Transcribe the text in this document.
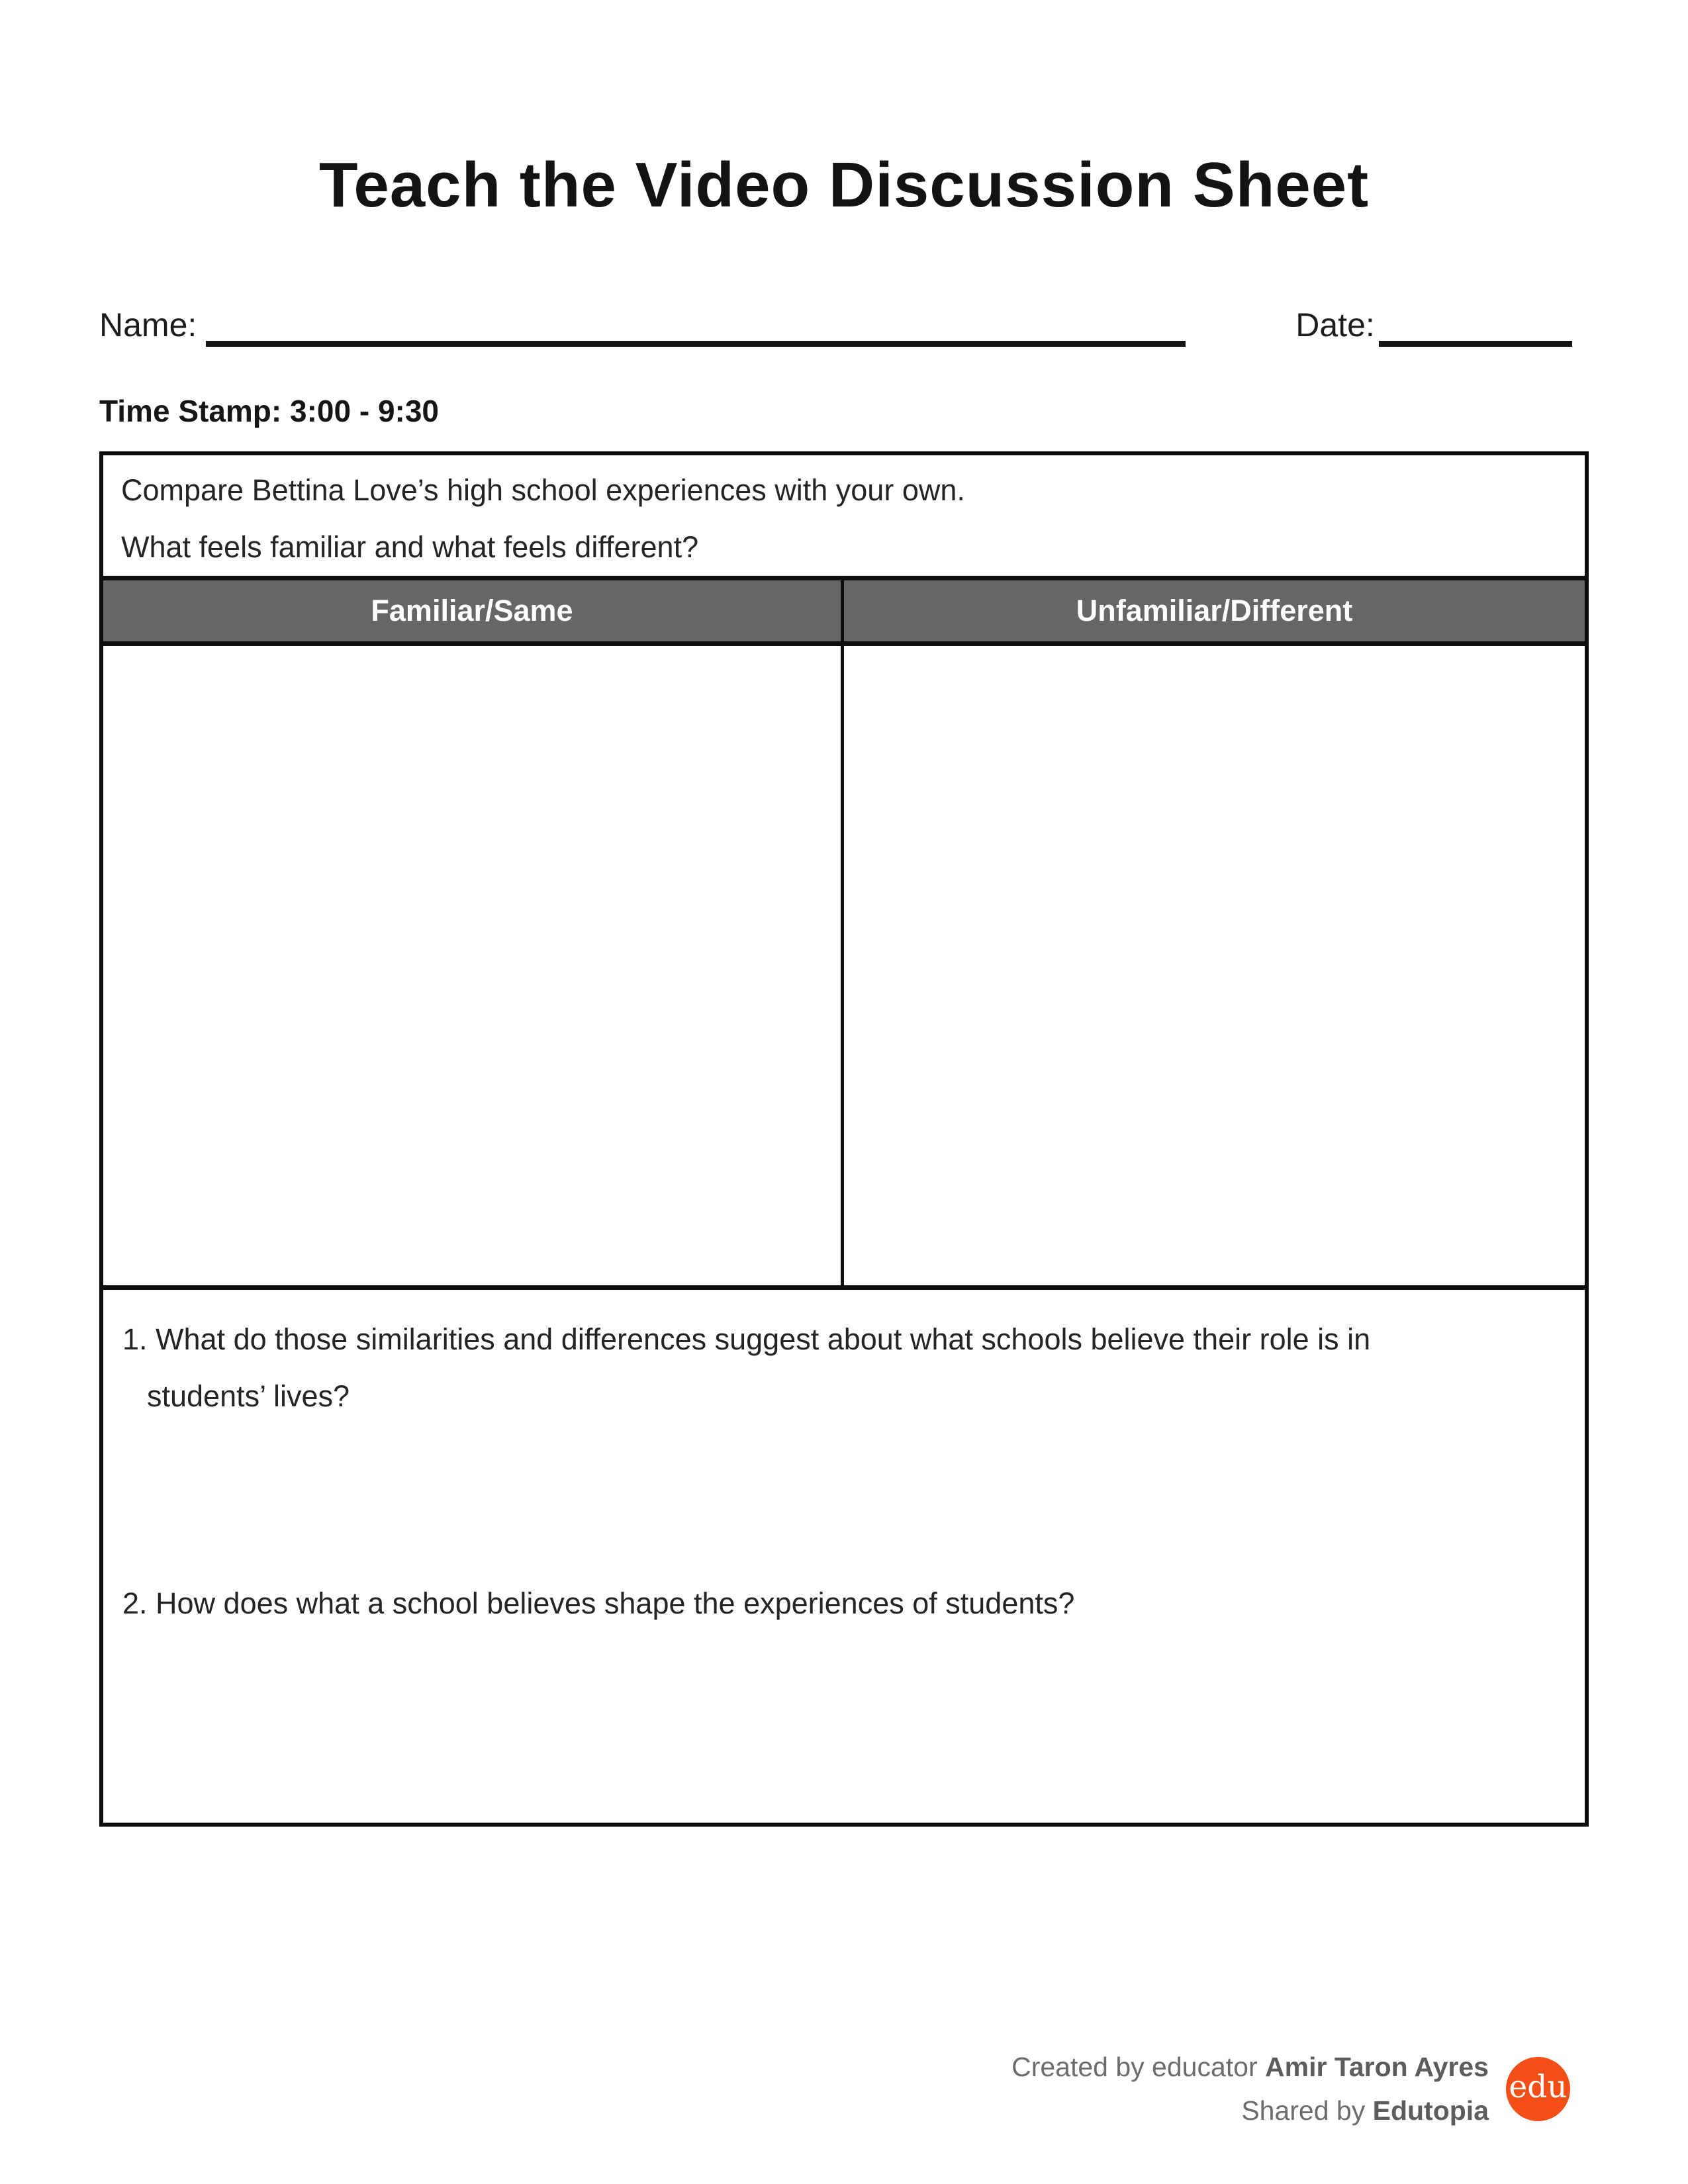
Teach the Video Discussion Sheet
Name:	Date:
Time Stamp: 3:00 - 9:30

Compare Bettina Love’s high school experiences with your own.

What feels familiar and what feels different?

Familiar/Same	Unfamiliar/Different

1. What do those similarities and differences suggest about what schools believe their role is in

students’ lives?

2. How does what a school believes shape the experiences of students?

Created by educator Amir Taron Ayres
Shared by Edutopia
edu
